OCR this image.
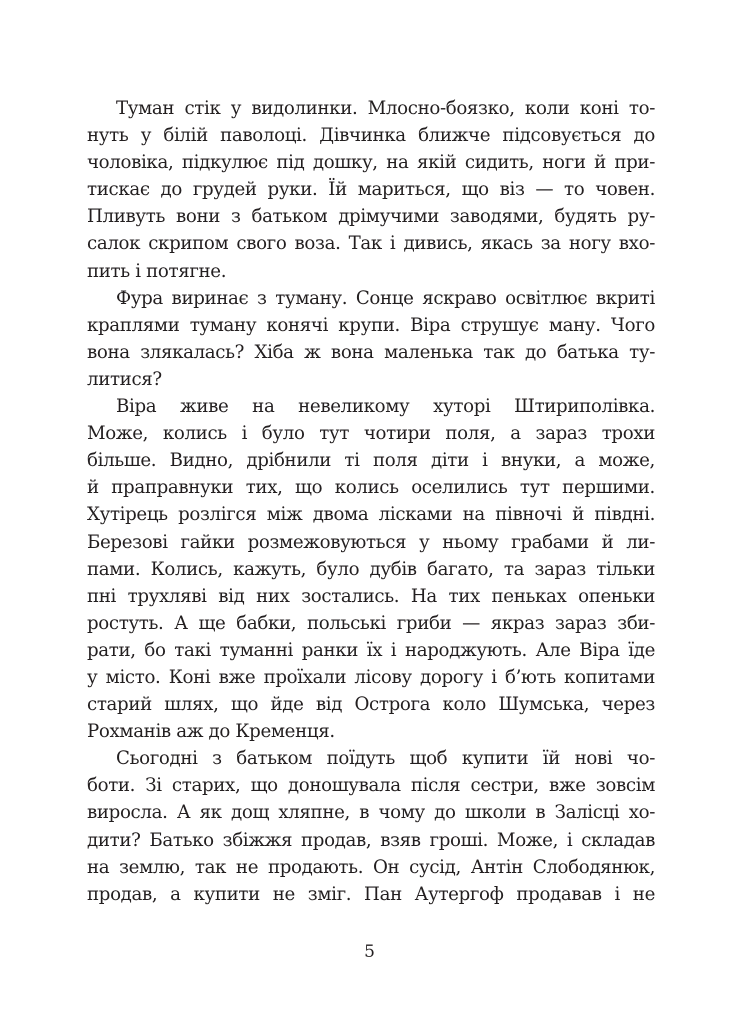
Туман стік у видолинки. Млосно-боязко, коли коні то-
нуть у білій паволоці. Дівчинка ближче підсовується до
чоловіка, підкулює під дошку, на якій сидить, ноги й при-
тискає до грудей руки. Їй мариться, що віз — то човен.
Пливуть вони з батьком дрімучими заводями, будять ру-
салок скрипом свого воза. Так і дивись, якась за ногу вхо-
пить і потягне.
Фура виринає з туману. Сонце яскраво освітлює вкриті
краплями туману конячі крупи. Віра струшує ману. Чого
вона злякалась? Хіба ж вона маленька так до батька ту-
литися?
Віра живе на невеликому хуторі Штириполівка.
Може, колись і було тут чотири поля, а зараз трохи
більше. Видно, дрібнили ті поля діти і внуки, а може,
й праправнуки тих, що колись оселились тут першими.
Хутірець розлігся між двома лісками на півночі й півдні.
Березові гайки розмежовуються у ньому грабами й ли-
пами. Колись, кажуть, було дубів багато, та зараз тільки
пні трухляві від них зостались. На тих пеньках опеньки
ростуть. А ще бабки, польські гриби — якраз зараз зби-
рати, бо такі туманні ранки їх і народжують. Але Віра їде
у місто. Коні вже проїхали лісову дорогу і б’ють копитами
старий шлях, що йде від Острога коло Шумська, через
Рохманів аж до Кременця.
Сьогодні з батьком поїдуть щоб купити їй нові чо-
боти. Зі старих, що доношувала після сестри, вже зовсім
виросла. А як дощ хляпне, в чому до школи в Залісці хо-
дити? Батько збіжжя продав, взяв гроші. Може, і складав
на землю, так не продають. Он сусід, Антін Слободянюк,
продав, а купити не зміг. Пан Аутергоф продавав і не
5
